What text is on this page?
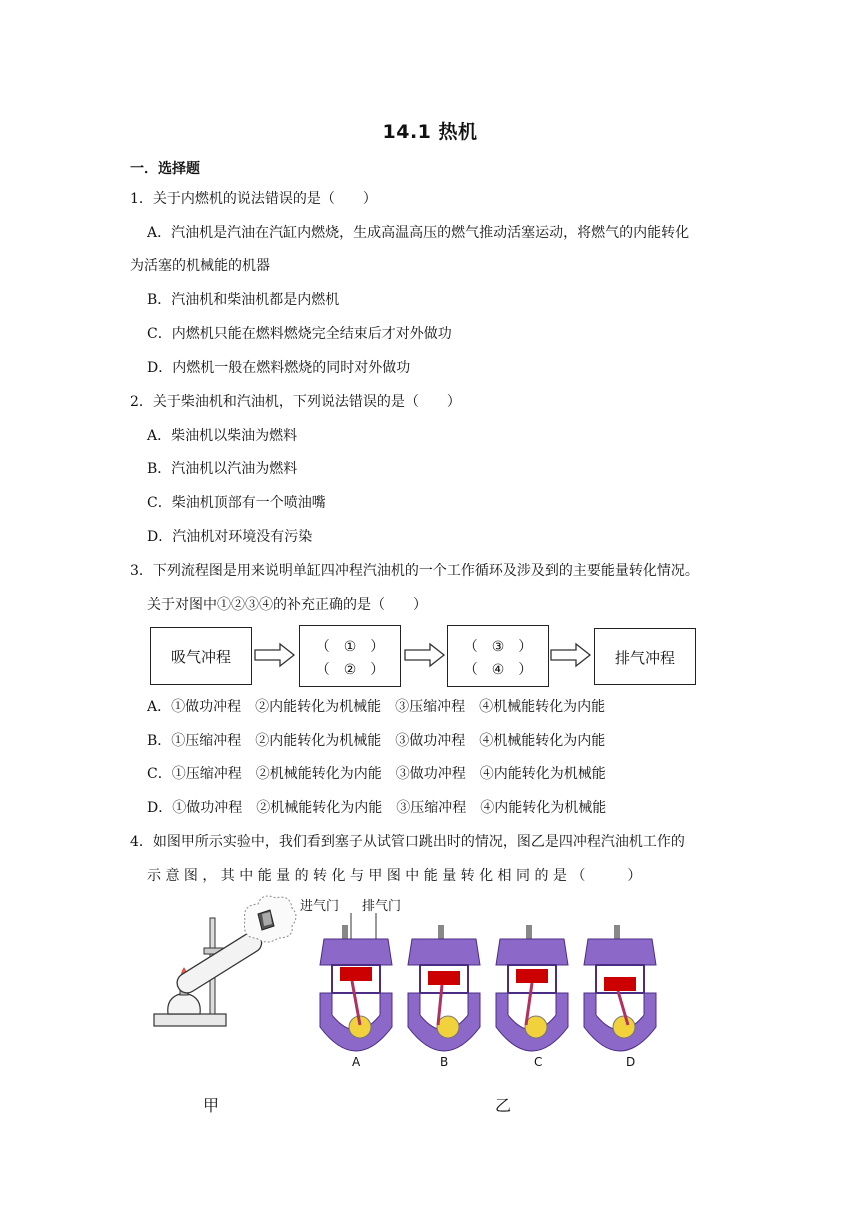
14.1 热机
一．选择题
1．关于内燃机的说法错误的是（　　）
A．汽油机是汽油在汽缸内燃烧，生成高温高压的燃气推动活塞运动，将燃气的内能转化
为活塞的机械能的机器
B．汽油机和柴油机都是内燃机
C．内燃机只能在燃料燃烧完全结束后才对外做功
D．内燃机一般在燃料燃烧的同时对外做功
2．关于柴油机和汽油机，下列说法错误的是（　　）
A．柴油机以柴油为燃料
B．汽油机以汽油为燃料
C．柴油机顶部有一个喷油嘴
D．汽油机对环境没有污染
3．下列流程图是用来说明单缸四冲程汽油机的一个工作循环及涉及到的主要能量转化情况。
关于对图中①②③④的补充正确的是（　　）
吸气冲程
（　①　）
（　②　）
（　③　）
（　④　）
排气冲程
A．①做功冲程　②内能转化为机械能　③压缩冲程　④机械能转化为内能
B．①压缩冲程　②内能转化为机械能　③做功冲程　④机械能转化为内能
C．①压缩冲程　②机械能转化为内能　③做功冲程　④内能转化为机械能
D．①做功冲程　②机械能转化为内能　③压缩冲程　④内能转化为机械能
4．如图甲所示实验中，我们看到塞子从试管口跳出时的情况，图乙是四冲程汽油机工作的
示 意 图 ， 其 中 能 量 的 转 化 与 甲 图 中 能 量 转 化 相 同 的 是 （　　　）
进气门 排气门
A	B	C	D
甲	乙
